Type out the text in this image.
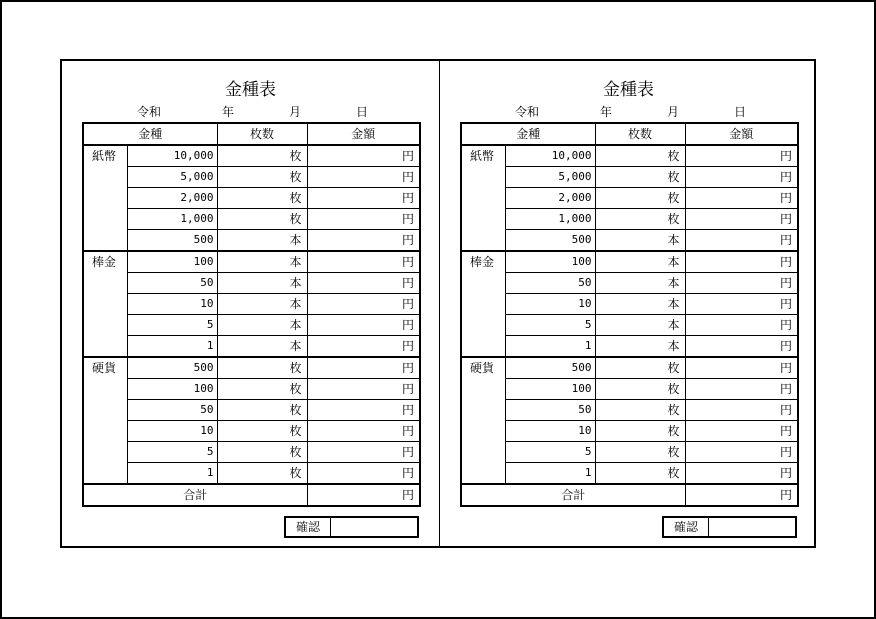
金種表
令和	年	月	日
金種		枚数	金額
紙幣	10,000	枚	円
	5,000	枚	円
	2,000	枚	円
	1,000	枚	円
	500	本	円
棒金	100	本	円
	50	本	円
	10	本	円
	5	本	円
	1	本	円
硬貨	500	枚	円
	100	枚	円
	50	枚	円
	10	枚	円
	5	枚	円
	1	枚	円
合計			円
確認
金種表
令和	年	月	日
金種		枚数	金額
紙幣	10,000	枚	円
	5,000	枚	円
	2,000	枚	円
	1,000	枚	円
	500	本	円
棒金	100	本	円
	50	本	円
	10	本	円
	5	本	円
	1	本	円
硬貨	500	枚	円
	100	枚	円
	50	枚	円
	10	枚	円
	5	枚	円
	1	枚	円
合計			円
確認
